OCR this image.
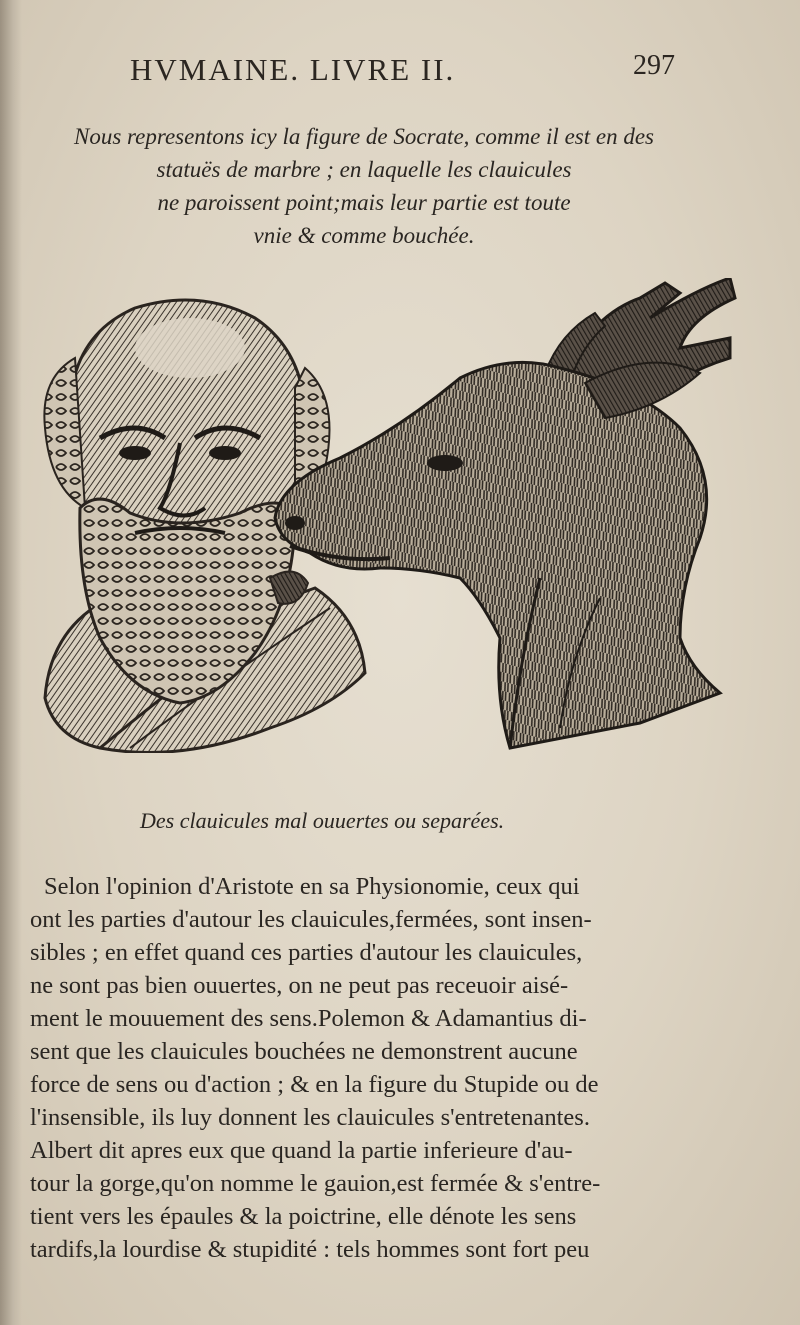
HVMAINE. LIVRE II.	297
Nous representons icy la figure de Socrate, comme il est en des
statuës de marbre ; en laquelle les clauicules
ne paroissent point;mais leur partie est toute
vnie & comme bouchée.
Des clauicules mal ouuertes ou separées.
Selon l'opinion d'Aristote en sa Physionomie, ceux qui
ont les parties d'autour les clauicules,fermées, sont insen-
sibles ; en effet quand ces parties d'autour les clauicules,
ne sont pas bien ouuertes, on ne peut pas receuoir aisé-
ment le mouuement des sens.Polemon & Adamantius di-
sent que les clauicules bouchées ne demonstrent aucune
force de sens ou d'action ; & en la figure du Stupide ou de
l'insensible, ils luy donnent les clauicules s'entretenantes.
Albert dit apres eux que quand la partie inferieure d'au-
tour la gorge,qu'on nomme le gauion,est fermée & s'entre-
tient vers les épaules & la poictrine, elle dénote les sens
tardifs,la lourdise & stupidité : tels hommes sont fort peu
